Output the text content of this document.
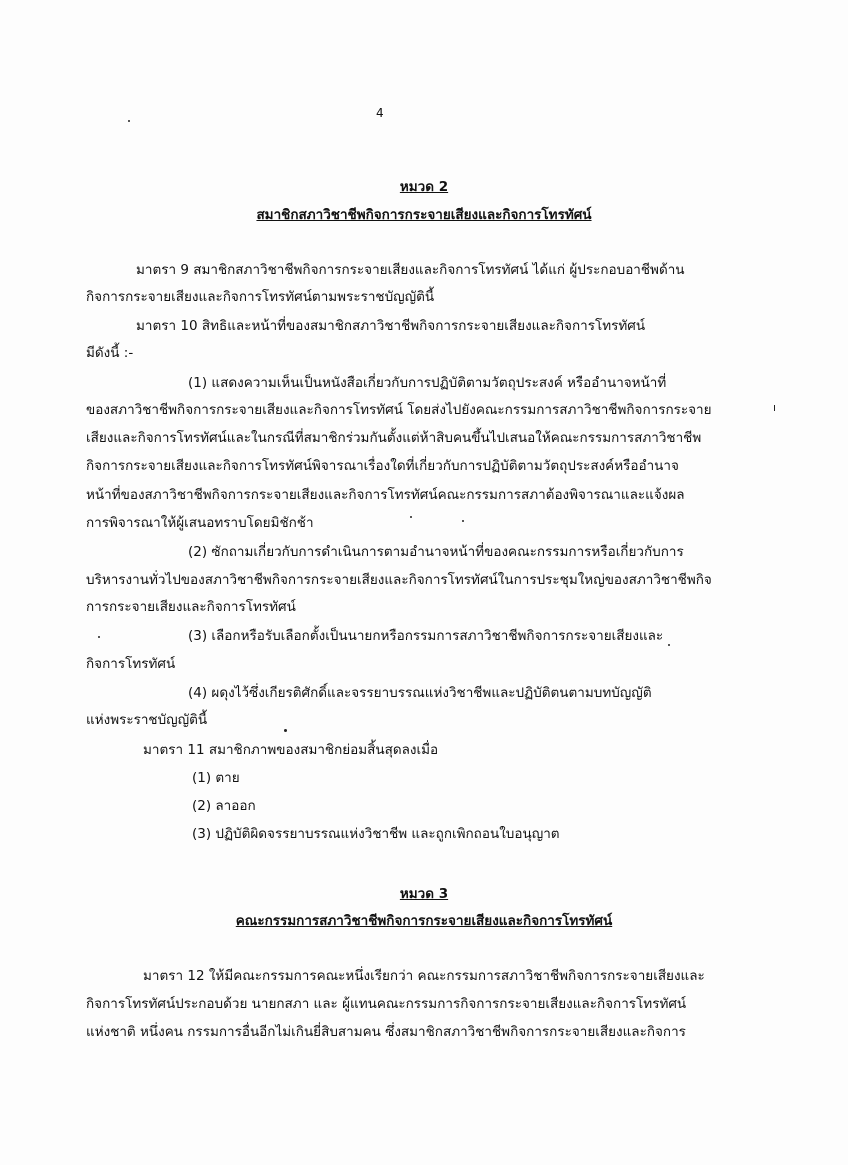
4
หมวด 2
สมาชิกสภาวิชาชีพกิจการกระจายเสียงและกิจการโทรทัศน์
มาตรา 9 สมาชิกสภาวิชาชีพกิจการกระจายเสียงและกิจการโทรทัศน์ ได้แก่ ผู้ประกอบอาชีพด้าน
กิจการกระจายเสียงและกิจการโทรทัศน์ตามพระราชบัญญัตินี้
มาตรา 10 สิทธิและหน้าที่ของสมาชิกสภาวิชาชีพกิจการกระจายเสียงและกิจการโทรทัศน์
มีดังนี้ :-
(1) แสดงความเห็นเป็นหนังสือเกี่ยวกับการปฏิบัติตามวัตถุประสงค์ หรืออำนาจหน้าที่
ของสภาวิชาชีพกิจการกระจายเสียงและกิจการโทรทัศน์ โดยส่งไปยังคณะกรรมการสภาวิชาชีพกิจการกระจาย
เสียงและกิจการโทรทัศน์และในกรณีที่สมาชิกร่วมกันตั้งแต่ห้าสิบคนขึ้นไปเสนอให้คณะกรรมการสภาวิชาชีพ
กิจการกระจายเสียงและกิจการโทรทัศน์พิจารณาเรื่องใดที่เกี่ยวกับการปฏิบัติตามวัตถุประสงค์หรืออำนาจ
หน้าที่ของสภาวิชาชีพกิจการกระจายเสียงและกิจการโทรทัศน์คณะกรรมการสภาต้องพิจารณาและแจ้งผล
การพิจารณาให้ผู้เสนอทราบโดยมิชักช้า
(2) ซักถามเกี่ยวกับการดำเนินการตามอำนาจหน้าที่ของคณะกรรมการหรือเกี่ยวกับการ
บริหารงานทั่วไปของสภาวิชาชีพกิจการกระจายเสียงและกิจการโทรทัศน์ในการประชุมใหญ่ของสภาวิชาชีพกิจ
การกระจายเสียงและกิจการโทรทัศน์
(3) เลือกหรือรับเลือกตั้งเป็นนายกหรือกรรมการสภาวิชาชีพกิจการกระจายเสียงและ
กิจการโทรทัศน์
(4) ผดุงไว้ซึ่งเกียรติศักดิ์และจรรยาบรรณแห่งวิชาชีพและปฏิบัติตนตามบทบัญญัติ
แห่งพระราชบัญญัตินี้
มาตรา 11 สมาชิกภาพของสมาชิกย่อมสิ้นสุดลงเมื่อ
(1) ตาย
(2) ลาออก
(3) ปฏิบัติผิดจรรยาบรรณแห่งวิชาชีพ และถูกเพิกถอนใบอนุญาต
หมวด 3
คณะกรรมการสภาวิชาชีพกิจการกระจายเสียงและกิจการโทรทัศน์
มาตรา 12 ให้มีคณะกรรมการคณะหนึ่งเรียกว่า คณะกรรมการสภาวิชาชีพกิจการกระจายเสียงและ
กิจการโทรทัศน์ประกอบด้วย นายกสภา และ ผู้แทนคณะกรรมการกิจการกระจายเสียงและกิจการโทรทัศน์
แห่งชาติ หนึ่งคน กรรมการอื่นอีกไม่เกินยี่สิบสามคน ซึ่งสมาชิกสภาวิชาชีพกิจการกระจายเสียงและกิจการ
